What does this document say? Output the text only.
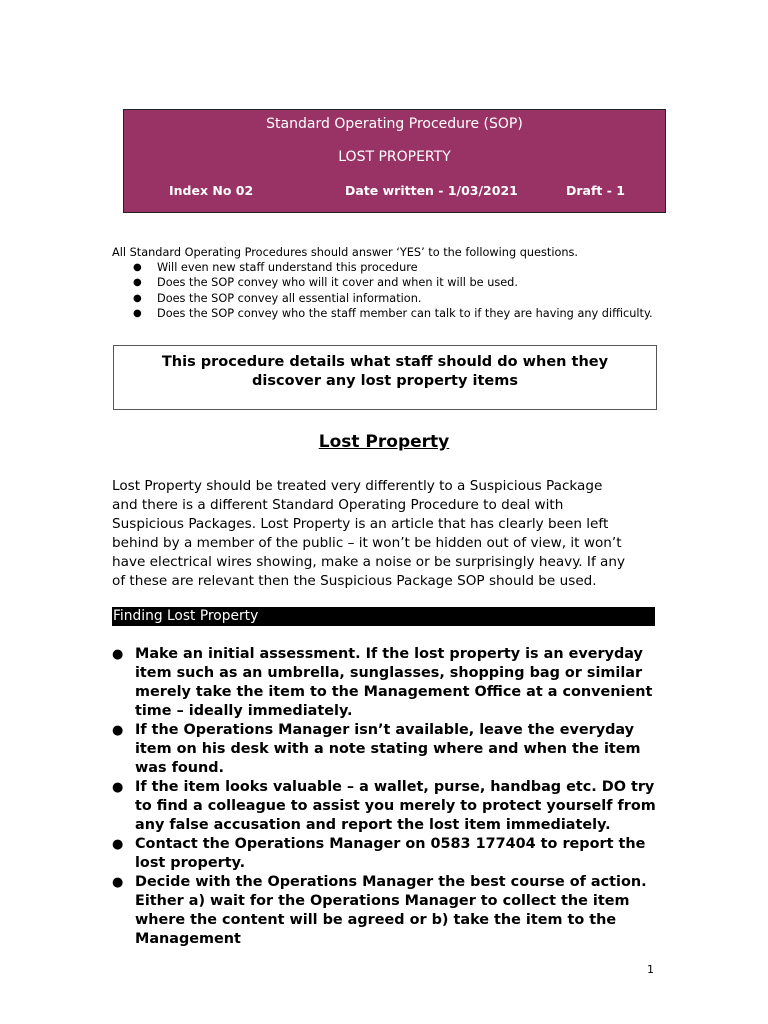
Standard Operating Procedure (SOP)
LOST PROPERTY
Index No 02	Date written - 1/03/2021	Draft - 1

All Standard Operating Procedures should answer ‘YES’ to the following questions.

● Will even new staff understand this procedure
● Does the SOP convey who will it cover and when it will be used.
● Does the SOP convey all essential information.
● Does the SOP convey who the staff member can talk to if they are having any difficulty.
This procedure details what staff should do when they discover any lost property items
Lost Property
Lost Property should be treated very differently to a Suspicious Package and there is a different Standard Operating Procedure to deal with Suspicious Packages. Lost Property is an article that has clearly been left behind by a member of the public – it won’t be hidden out of view, it won’t have electrical wires showing, make a noise or be surprisingly heavy. If any of these are relevant then the Suspicious Package SOP should be used.
Finding Lost Property
● Make an initial assessment. If the lost property is an everyday item such as an umbrella, sunglasses, shopping bag or similar merely take the item to the Management Office at a convenient time – ideally immediately.
● If the Operations Manager isn’t available, leave the everyday item on his desk with a note stating where and when the item was found.
● If the item looks valuable – a wallet, purse, handbag etc. DO try to find a colleague to assist you merely to protect yourself from any false accusation and report the lost item immediately.
● Contact the Operations Manager on 0583 177404 to report the lost property.
● Decide with the Operations Manager the best course of action. Either a) wait for the Operations Manager to collect the item where the content will be agreed or b) take the item to the Management
1
